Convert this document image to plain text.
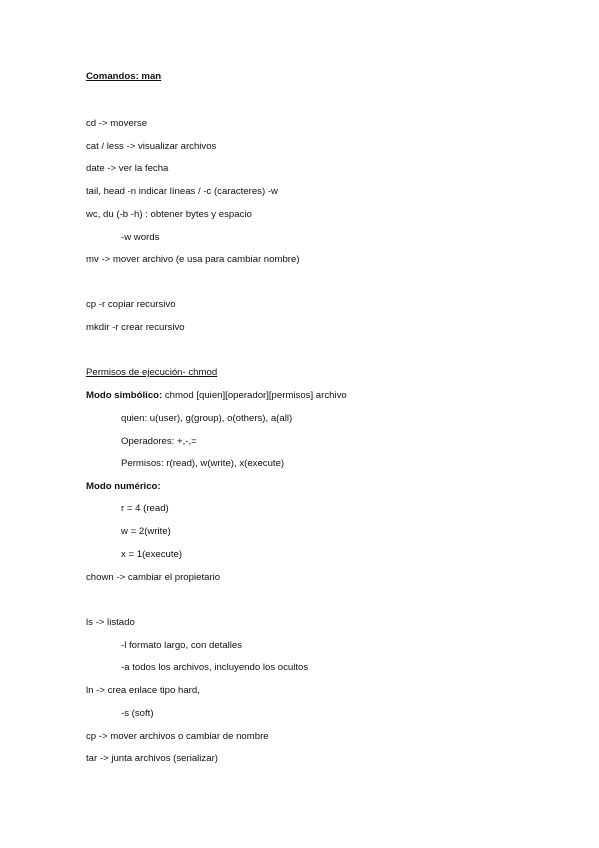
Comandos: man
cd -> moverse
cat / less -> visualizar archivos
date -> ver la fecha
tail, head -n indicar líneas / -c (caracteres) -w
wc, du (-b -h) : obtener bytes y espacio
-w words
mv -> mover archivo (e usa para cambiar nombre)
cp -r copiar recursivo
mkdir -r crear recursivo
Permisos de ejecución- chmod
Modo simbólico: chmod [quien][operador][permisos] archivo
quien: u(user), g(group), o(others), a(all)
Operadores: +,-,=
Permisos: r(read), w(write), x(execute)
Modo numérico:
r = 4 (read)
w = 2(write)
x = 1(execute)
chown -> cambiar el propietario
ls -> listado
-l formato largo, con detalles
-a todos los archivos, incluyendo los ocultos
ln -> crea enlace tipo hard,
-s (soft)
cp -> mover archivos o cambiar de nombre
tar -> junta archivos (serializar)
